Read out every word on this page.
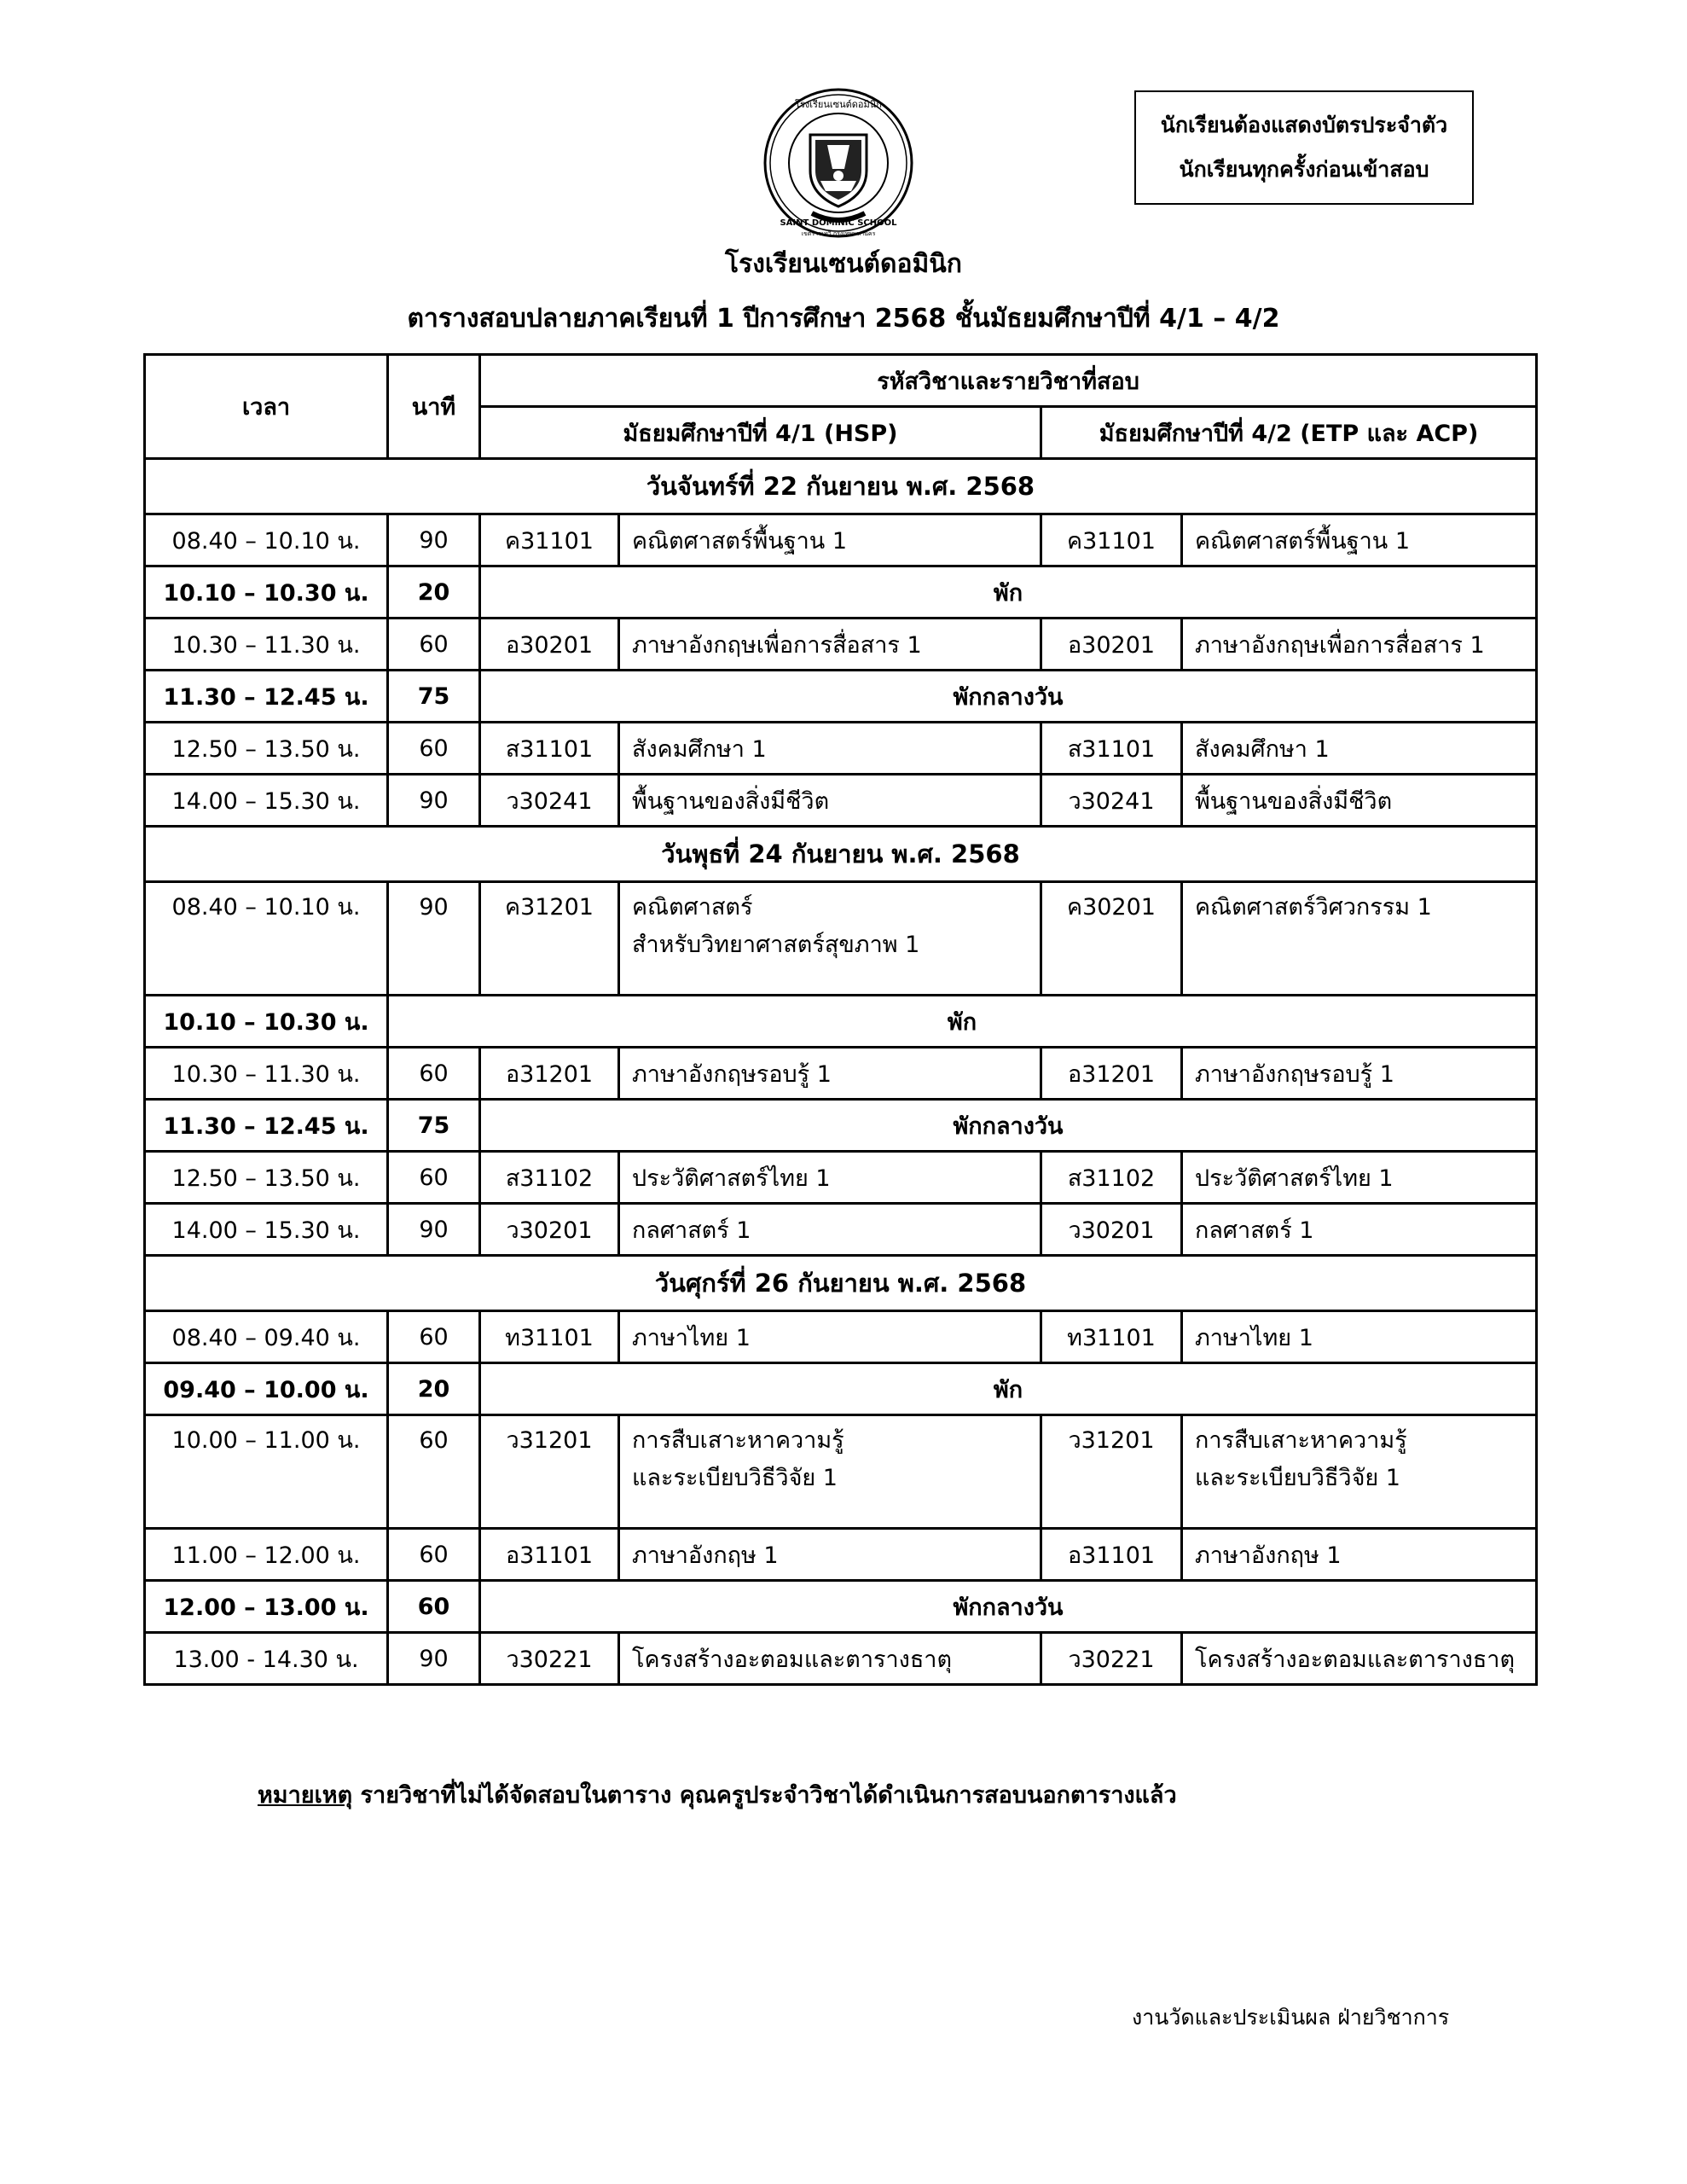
โรงเรียนเซนต์ดอมินิก
SAINT DOMINIC SCHOOL
เขตราชเทวี กรุงเทพมหานคร
นักเรียนต้องแสดงบัตรประจำตัว
นักเรียนทุกครั้งก่อนเข้าสอบ
โรงเรียนเซนต์ดอมินิก
ตารางสอบปลายภาคเรียนที่ 1 ปีการศึกษา 2568 ชั้นมัธยมศึกษาปีที่ 4/1 – 4/2
เวลา	นาที	รหัสวิชาและรายวิชาที่สอบ			
		มัธยมศึกษาปีที่ 4/1 (HSP)		มัธยมศึกษาปีที่ 4/2 (ETP และ ACP)	
วันจันทร์ที่ 22 กันยายน พ.ศ. 2568					
08.40 – 10.10 น.	90	ค31101	คณิตศาสตร์พื้นฐาน 1	ค31101	คณิตศาสตร์พื้นฐาน 1
10.10 – 10.30 น.	20	พัก			
10.30 – 11.30 น.	60	อ30201	ภาษาอังกฤษเพื่อการสื่อสาร 1	อ30201	ภาษาอังกฤษเพื่อการสื่อสาร 1
11.30 – 12.45 น.	75	พักกลางวัน			
12.50 – 13.50 น.	60	ส31101	สังคมศึกษา 1	ส31101	สังคมศึกษา 1
14.00 – 15.30 น.	90	ว30241	พื้นฐานของสิ่งมีชีวิต	ว30241	พื้นฐานของสิ่งมีชีวิต
วันพุธที่ 24 กันยายน พ.ศ. 2568					
08.40 – 10.10 น.	90	ค31201	คณิตศาสตร์
สำหรับวิทยาศาสตร์สุขภาพ 1	ค30201	คณิตศาสตร์วิศวกรรม 1

10.10 – 10.30 น.	พัก				
10.30 – 11.30 น.	60	อ31201	ภาษาอังกฤษรอบรู้ 1	อ31201	ภาษาอังกฤษรอบรู้ 1
11.30 – 12.45 น.	75	พักกลางวัน			
12.50 – 13.50 น.	60	ส31102	ประวัติศาสตร์ไทย 1	ส31102	ประวัติศาสตร์ไทย 1
14.00 – 15.30 น.	90	ว30201	กลศาสตร์ 1	ว30201	กลศาสตร์ 1
วันศุกร์ที่ 26 กันยายน พ.ศ. 2568					
08.40 – 09.40 น.	60	ท31101	ภาษาไทย 1	ท31101	ภาษาไทย 1
09.40 – 10.00 น.	20	พัก			
10.00 – 11.00 น.	60	ว31201	การสืบเสาะหาความรู้
และระเบียบวิธีวิจัย 1	ว31201	การสืบเสาะหาความรู้
และระเบียบวิธีวิจัย 1

11.00 – 12.00 น.	60	อ31101	ภาษาอังกฤษ 1	อ31101	ภาษาอังกฤษ 1
12.00 – 13.00 น.	60	พักกลางวัน			
13.00 - 14.30 น.	90	ว30221	โครงสร้างอะตอมและตารางธาตุ	ว30221	โครงสร้างอะตอมและตารางธาตุ
หมายเหตุ รายวิชาที่ไม่ได้จัดสอบในตาราง คุณครูประจำวิชาได้ดำเนินการสอบนอกตารางแล้ว
งานวัดและประเมินผล ฝ่ายวิชาการ
